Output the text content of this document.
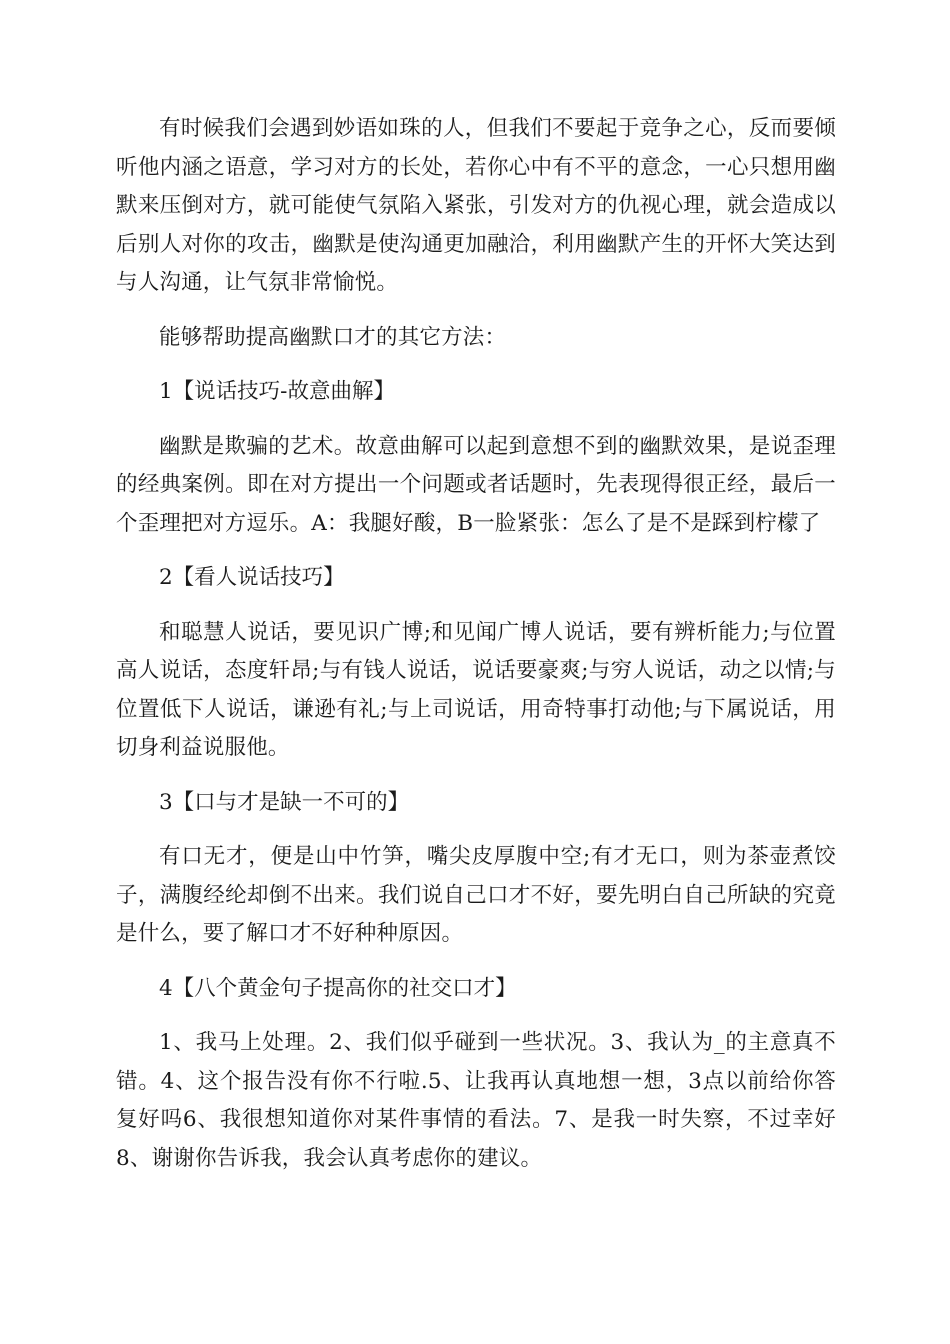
有时候我们会遇到妙语如珠的人，但我们不要起于竞争之心，反而要倾听他内涵之语意，学习对方的长处，若你心中有不平的意念，一心只想用幽默来压倒对方，就可能使气氛陷入紧张，引发对方的仇视心理，就会造成以后别人对你的攻击，幽默是使沟通更加融洽，利用幽默产生的开怀大笑达到与人沟通，让气氛非常愉悦。

能够帮助提高幽默口才的其它方法：

1【说话技巧-故意曲解】

幽默是欺骗的艺术。故意曲解可以起到意想不到的幽默效果，是说歪理的经典案例。即在对方提出一个问题或者话题时，先表现得很正经，最后一个歪理把对方逗乐。A：我腿好酸，B一脸紧张：怎么了是不是踩到柠檬了

2【看人说话技巧】

和聪慧人说话，要见识广博;和见闻广博人说话，要有辨析能力;与位置高人说话，态度轩昂;与有钱人说话，说话要豪爽;与穷人说话，动之以情;与位置低下人说话，谦逊有礼;与上司说话，用奇特事打动他;与下属说话，用切身利益说服他。

3【口与才是缺一不可的】

有口无才，便是山中竹笋，嘴尖皮厚腹中空;有才无口，则为茶壶煮饺子，满腹经纶却倒不出来。我们说自己口才不好，要先明白自己所缺的究竟是什么，要了解口才不好种种原因。

4【八个黄金句子提高你的社交口才】

1、我马上处理。2、我们似乎碰到一些状况。3、我认为_的主意真不错。4、这个报告没有你不行啦.5、让我再认真地想一想，3点以前给你答复好吗6、我很想知道你对某件事情的看法。7、是我一时失察，不过幸好8、谢谢你告诉我，我会认真考虑你的建议。
